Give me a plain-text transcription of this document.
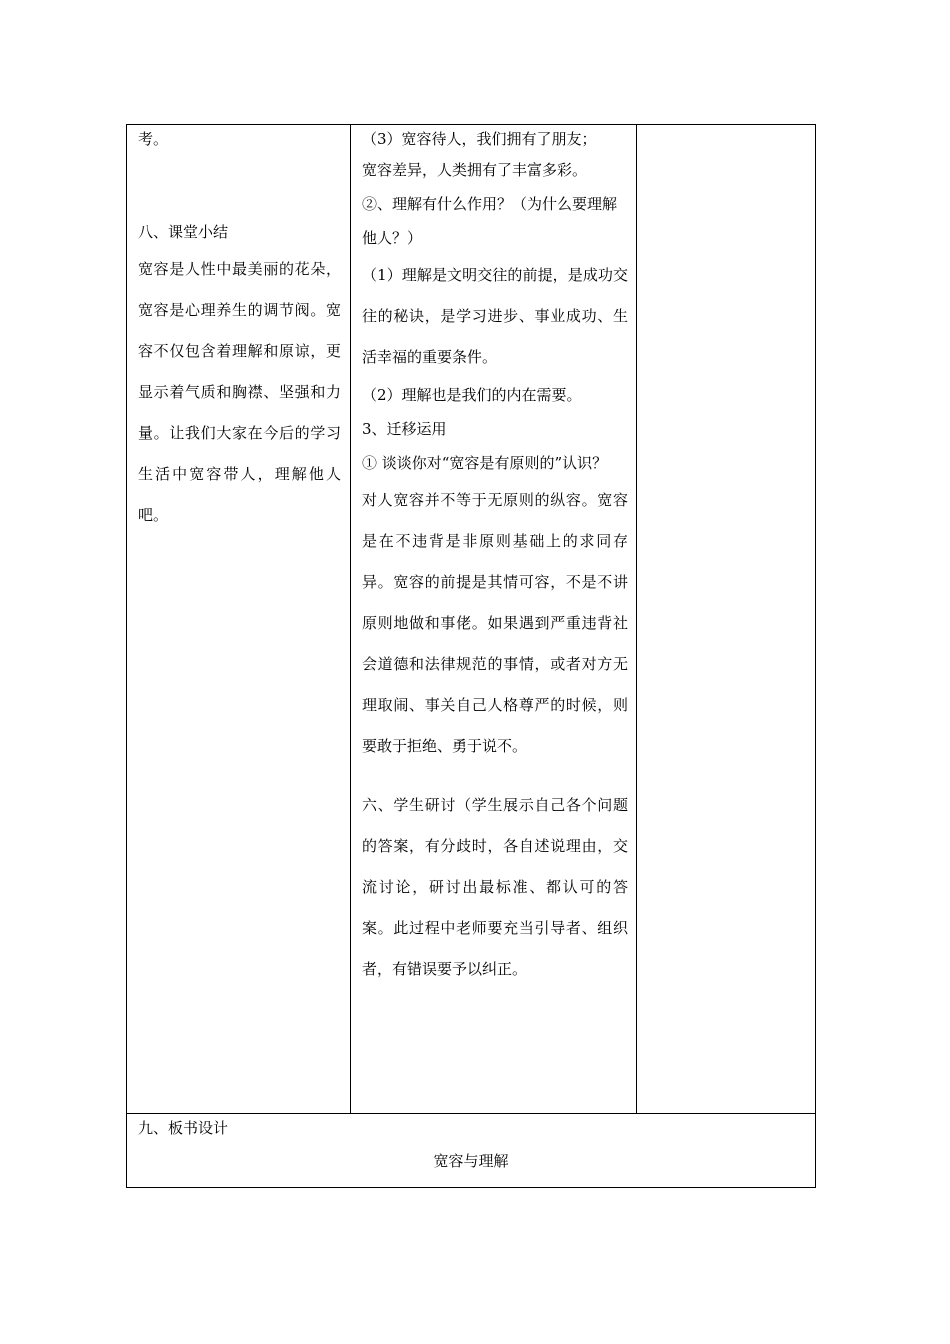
考。

八、课堂小结

宽容是人性中最美丽的花朵，宽容是心理养生的调节阀。宽容不仅包含着理解和原谅，更显示着气质和胸襟、坚强和力量。让我们大家在今后的学习生活中宽容带人，理解他人吧。

（3）宽容待人，我们拥有了朋友；

宽容差异，人类拥有了丰富多彩。

②、理解有什么作用？（为什么要理解他人？）

（1）理解是文明交往的前提，是成功交往的秘诀，是学习进步、事业成功、生活幸福的重要条件。

（2）理解也是我们的内在需要。

3、迁移运用

① 谈谈你对“宽容是有原则的”认识？

对人宽容并不等于无原则的纵容。宽容是在不违背是非原则基础上的求同存异。宽容的前提是其情可容，不是不讲原则地做和事佬。如果遇到严重违背社会道德和法律规范的事情，或者对方无理取闹、事关自己人格尊严的时候，则要敢于拒绝、勇于说不。

六、学生研讨（学生展示自己各个问题的答案，有分歧时，各自述说理由，交流讨论，研讨出最标准、都认可的答案。此过程中老师要充当引导者、组织者，有错误要予以纠正。

九、板书设计
宽容与理解
